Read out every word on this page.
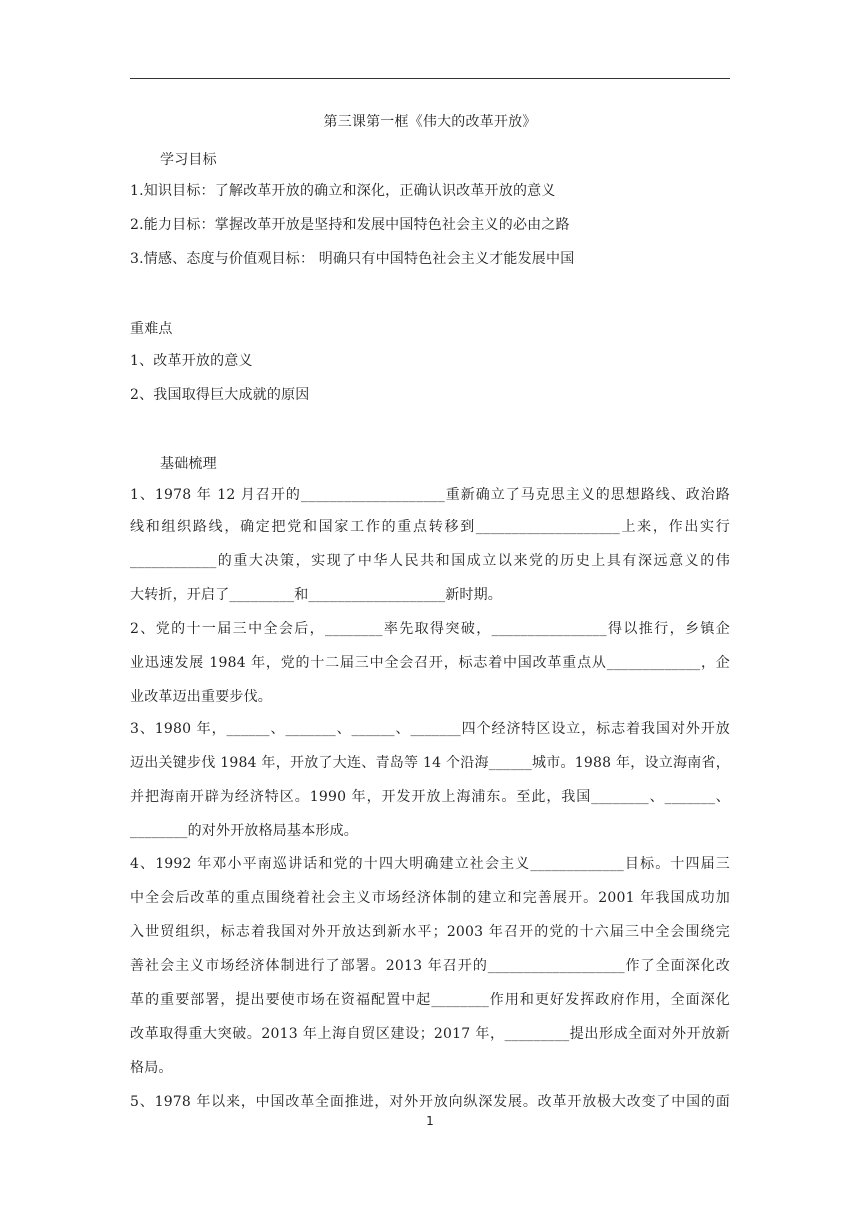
第三课第一框《伟大的改革开放》
学习目标
1.知识目标：了解改革开放的确立和深化，正确认识改革开放的意义
2.能力目标：掌握改革开放是坚持和发展中国特色社会主义的必由之路
3.情感、态度与价值观目标： 明确只有中国特色社会主义才能发展中国
重难点
1、改革开放的意义
2、我国取得巨大成就的原因
基础梳理
1、1978 年 12 月召开的____________________重新确立了马克思主义的思想路线、政治路
线和组织路线，确定把党和国家工作的重点转移到____________________上来，作出实行
____________的重大决策，实现了中华人民共和国成立以来党的历史上具有深远意义的伟
大转折，开启了_________和___________________新时期。
2、党的十一届三中全会后，________率先取得突破，________________得以推行，乡镇企
业迅速发展 1984 年，党的十二届三中全会召开，标志着中国改革重点从_____________，企
业改革迈出重要步伐。
3、1980 年，______、_______、______、_______四个经济特区设立，标志着我国对外开放
迈出关键步伐 1984 年，开放了大连、青岛等 14 个沿海______城市。1988 年，设立海南省，
并把海南开辟为经济特区。1990 年，开发开放上海浦东。至此，我国________、_______、
________的对外开放格局基本形成。
4、1992 年邓小平南巡讲话和党的十四大明确建立社会主义_____________目标。十四届三
中全会后改革的重点围绕着社会主义市场经济体制的建立和完善展开。2001 年我国成功加
入世贸组织，标志着我国对外开放达到新水平；2003 年召开的党的十六届三中全会围绕完
善社会主义市场经济体制进行了部署。2013 年召开的___________________作了全面深化改
革的重要部署，提出要使市场在资福配置中起________作用和更好发挥政府作用，全面深化
改革取得重大突破。2013 年上海自贸区建设；2017 年，_________提出形成全面对外开放新
格局。
5、1978 年以来，中国改革全面推进，对外开放向纵深发展。改革开放极大改变了中国的面
1
